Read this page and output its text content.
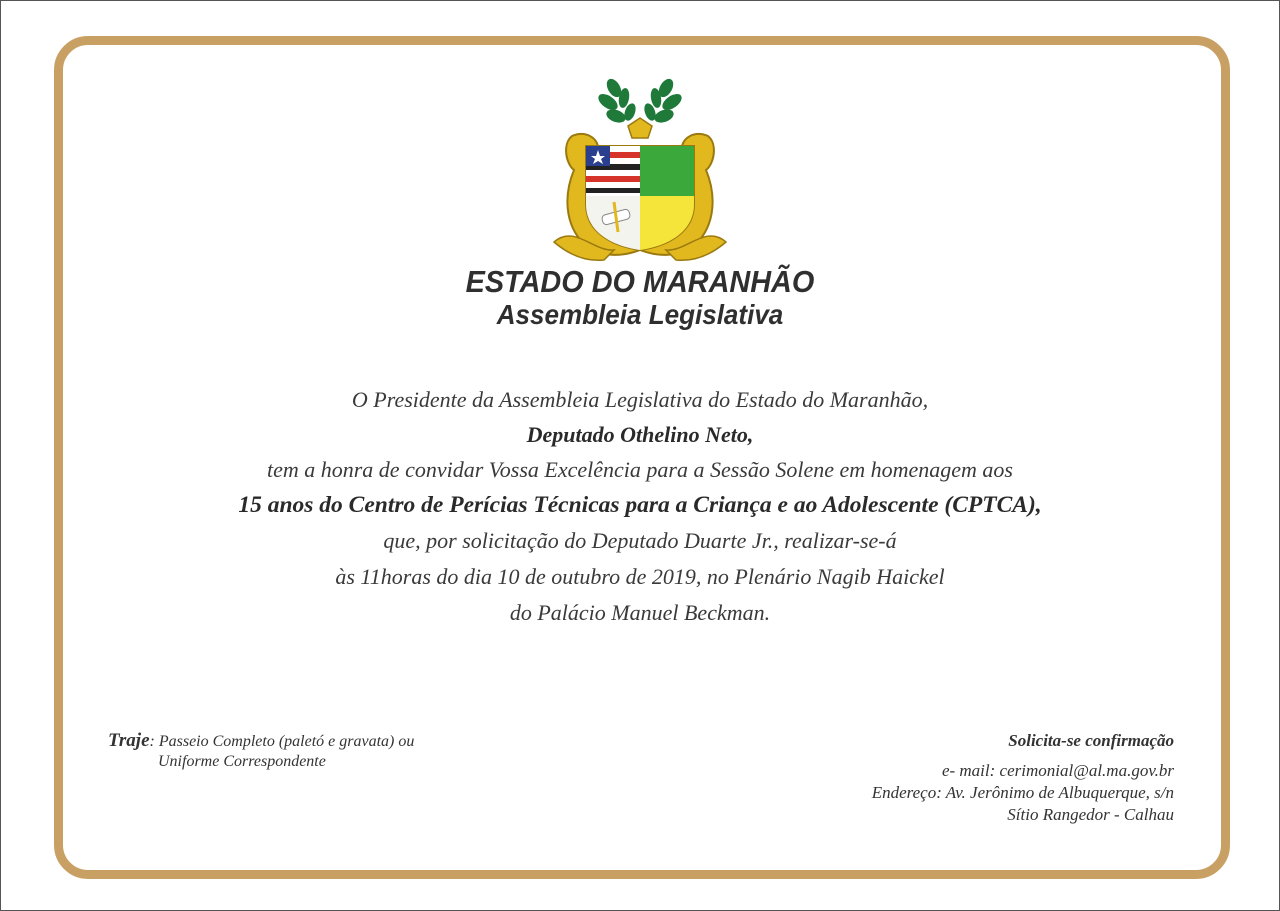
ESTADO DO MARANHÃO
Assembleia Legislativa
O Presidente da Assembleia Legislativa do Estado do Maranhão,
Deputado Othelino Neto,
tem a honra de convidar Vossa Excelência para a Sessão Solene em homenagem aos
15 anos do Centro de Perícias Técnicas para a Criança e ao Adolescente (CPTCA),
que, por solicitação do Deputado Duarte Jr., realizar-se-á
às 11horas do dia 10 de outubro de 2019, no Plenário Nagib Haickel
do Palácio Manuel Beckman.
Traje: Passeio Completo (paletó e gravata) ou
Uniforme Correspondente
Solicita-se confirmação
e- mail: cerimonial@al.ma.gov.br
Endereço: Av. Jerônimo de Albuquerque, s/n
Sítio Rangedor - Calhau
